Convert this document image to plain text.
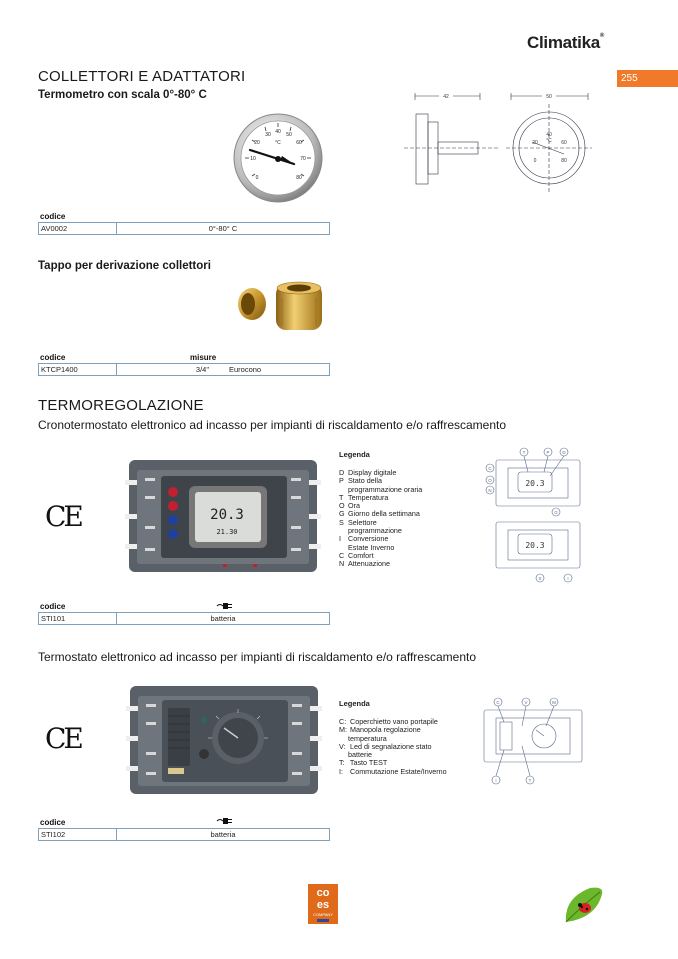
Climatika®
255
COLLETTORI E ADATTATORI
Termometro con scala 0°-80° C
0
10
20
30 40 50
60
70
80
°C
42	50
40
°C
20	60
0	80
codice
AV0002	0°-80° C
Tappo per derivazione collettori
codice	misure
KTCP1400	3/4"	Eurocono
TERMOREGOLAZIONE
Cronotermostato elettronico ad incasso per impianti di riscaldamento e/o raffrescamento
CE	20.3
21.30
Legenda
D Display digitale
P Stato della
programmazione oraria
T Temperatura
O Ora
G Giorno della settimana
S Selettore
programmazione
I Conversione
Estate Inverno
C Comfort
N Attenuazione
T	P	D
C
O
N
G
S	I
20.3
20.3
codice
STI101	batteria
Termostato elettronico ad incasso per impianti di riscaldamento e/o raffrescamento
CE
Legenda
C: Coperchietto vano portapile
M: Manopola regolazione
temperatura
V: Led di segnalazione stato
batterie
T: Tasto TEST
I: Commutazione Estate/Inverno
C	V	M
I	T
codice
STI102	batteria
co
es
COMPANY
